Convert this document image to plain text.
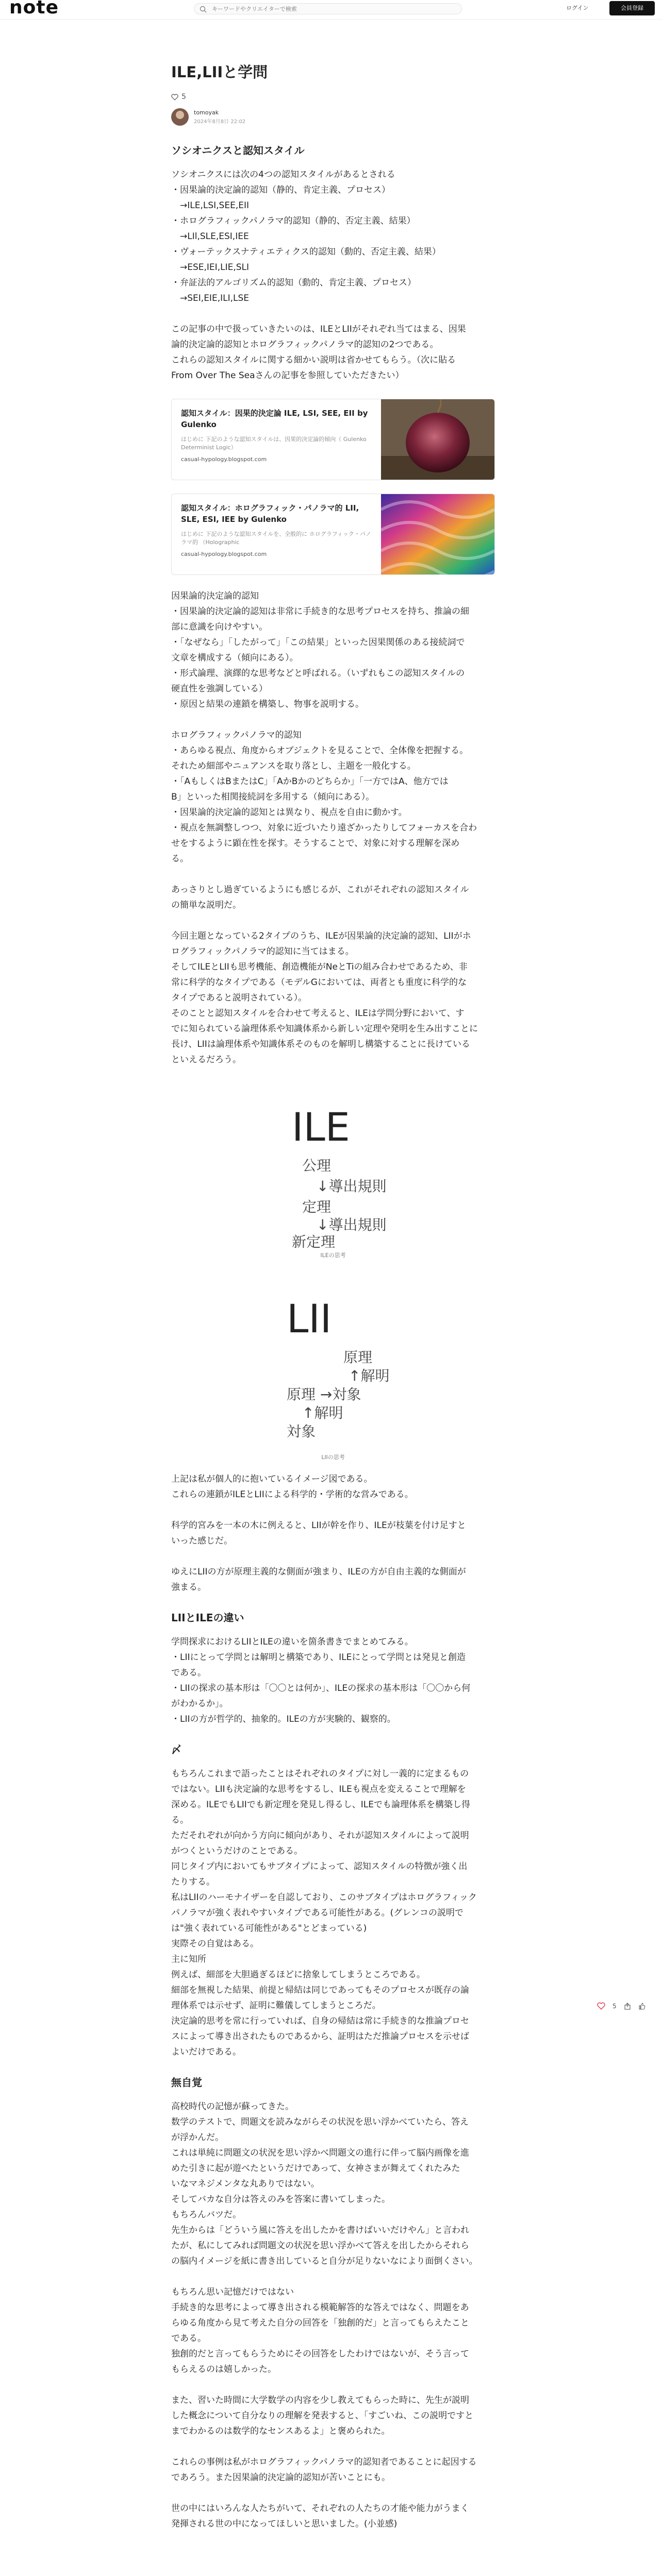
note
キーワードやクリエイターで検索	ログイン	会員登録
ILE,LIIと学問
5
tomoyak
2024年8月8日 22:02
ソシオニクスと認知スタイル
ソシオニクスには次の4つの認知スタイルがあるとされる
・因果論的決定論的認知（静的、肯定主義、プロセス）
　→ILE,LSI,SEE,EII
・ホログラフィックパノラマ的認知（静的、否定主義、結果）
　→LIl,SLE,ESI,IEE
・ヴォーテックスナティエティクス的認知（動的、否定主義、結果）
　→ESE,IEI,LIE,SLI
・弁証法的アルゴリズム的認知（動的、肯定主義、プロセス）
　→SEI,EIE,ILI,LSE
この記事の中で扱っていきたいのは、ILEとLIIがそれぞれ当てはまる、因果
論的決定論的認知とホログラフィックパノラマ的認知の2つである。
これらの認知スタイルに関する細かい説明は省かせてもらう。（次に貼る
From Over The Seaさんの記事を参照していただきたい）
認知スタイル：因果的決定論 ILE, LSI, SEE, EII by Gulenko
はじめに 下記のような認知スタイルは、因果的決定論的傾向（ Gulenko Determinist Logic）
casual-hypology.blogspot.com
認知スタイル：ホログラフィック・パノラマ的 LII, SLE, ESI, IEE by Gulenko
はじめに 下記のような認知スタイルを、全般的に ホログラフィック・パノラマ的 （Holographic
casual-hypology.blogspot.com
因果論的決定論的認知
・因果論的決定論的認知は非常に手続き的な思考プロセスを持ち、推論の細
部に意識を向けやすい。
・「なぜなら」「したがって」「この結果」といった因果関係のある接続詞で
文章を構成する（傾向にある）。
・形式論理、演繹的な思考などと呼ばれる。（いずれもこの認知スタイルの
硬直性を強調している）
・原因と結果の連鎖を構築し、物事を説明する。
ホログラフィックパノラマ的認知
・あらゆる視点、角度からオブジェクトを見ることで、全体像を把握する。
それため細部やニュアンスを取り落とし、主題を一般化する。
・「AもしくはBまたはC」「AかBかのどちらか」「一方ではA、他方では
B」といった相関接続詞を多用する（傾向にある）。
・因果論的決定論的認知とは異なり、視点を自由に動かす。
・視点を無調整しつつ、対象に近づいたり遠ざかったりしてフォーカスを合わ
せをするように顕在性を探す。そうすることで、対象に対する理解を深め
る。
あっさりとし過ぎているようにも感じるが、これがそれぞれの認知スタイル
の簡単な説明だ。
今回主題となっている2タイプのうち、ILEが因果論的決定論的認知、LIIがホ
ログラフィックパノラマ的認知に当てはまる。
そしてILEとLIIも思考機能、創造機能がNeとTiの組み合わせであるため、非
常に科学的なタイプである（モデルGにおいては、両者とも重度に科学的な
タイプであると説明されている）。
そのことと認知スタイルを合わせて考えると、ILEは学問分野において、す
でに知られている論理体系や知識体系から新しい定理や発明を生み出すことに
長け、LIIは論理体系や知識体系そのものを解明し構築することに長けている
といえるだろう。
ILE
公理
↓導出規則
定理
↓導出規則
新定理
ILEの思考
LII
原理
↑解明
原理 →対象
↑解明
対象
LIIの思考
上記は私が個人的に抱いているイメージ図である。
これらの連鎖がILEとLIIによる科学的・学術的な営みである。
科学的宮みを一本の木に例えると、LIIが幹を作り、ILEが枝葉を付け足すと
いった感じだ。
ゆえにLIIの方が原理主義的な側面が強まり、ILEの方が自由主義的な側面が
強まる。
LIIとILEの違い
学問探求におけるLIIとILEの違いを箇条書きでまとめてみる。
・LIIにとって学問とは解明と構築であり、ILEにとって学問とは発見と創造
である。
・LIIの探求の基本形は「〇〇とは何か」、ILEの探求の基本形は「〇〇から何
がわかるか」。
・LIIの方が哲学的、抽象的。ILEの方が実験的、観察的。
〆
もちろんこれまで語ったことはそれぞれのタイプに対し一義的に定まるもの
ではない。LIIも決定論的な思考をするし、ILEも視点を変えることで理解を
深める。ILEでもLIIでも新定理を発見し得るし、ILEでも論理体系を構築し得
る。
ただそれぞれが向かう方向に傾向があり、それが認知スタイルによって説明
がつくというだけのことである。
同じタイプ内においてもサブタイプによって、認知スタイルの特徴が強く出
たりする。
私はLIIのハーモナイザーを自認しており、このサブタイプはホログラフィック
パノラマが強く表れやすいタイプである可能性がある。(グレンコの説明で
は"強く表れている可能性がある"とどまっている)
実際その自覚はある。
主に知所
例えば、細部を大胆過ぎるほどに捨象してしまうところである。
細部を無視した結果、前提と帰結は同じであってもそのプロセスが既存の論
理体系では示せず、証明に難儀してしまうところだ。
決定論的思考を常に行っていれば、自身の帰結は常に手続き的な推論プロセ
スによって導き出されたものであるから、証明はただ推論プロセスを示せば
よいだけである。
無自覚
高校時代の記憶が蘇ってきた。
数学のテストで、問題文を読みながらその状況を思い浮かべていたら、答え
が浮かんだ。
これは単純に問題文の状況を思い浮かべ問題文の進行に伴って脳内画像を進
めた引きに起が遊べたというだけであって、女神さまが舞えてくれたみた
いなマネジメンタな丸ありではない。
そしてバカな自分は答えのみを答案に書いてしまった。
もちろんバツだ。
先生からは「どういう風に答えを出したかを書けばいいだけやん」と言われ
たが、私にしてみれば問題文の状況を思い浮かべて答えを出したからそれら
の脳内イメージを紙に書き出していると自分が足りないなにより面倒くさい。
もちろん思い記憶だけではない
手続き的な思考によって導き出される模範解答的な答えではなく、問題をあ
らゆる角度から見て考えた自分の回答を「独創的だ」と言ってもらえたこと
である。
独創的だと言ってもらうためにその回答をしたわけではないが、そう言って
もらえるのは嬉しかった。
また、習いた時間に大学数学の内容を少し教えてもらった時に、先生が説明
した概念について自分なりの理解を発表すると、「すごいね、この説明ですと
までわかるのは数学的なセンスあるよ」と褒められた。
これらの事例は私がホログラフィックパノラマ的認知者であることに起因する
であろう。また因果論的決定論的認知が苦いことにも。
世の中にはいろんな人たちがいて、それぞれの人たちの才能や能力がうまく
発揮される世の中になってほしいと思いました。(小並感)
5
